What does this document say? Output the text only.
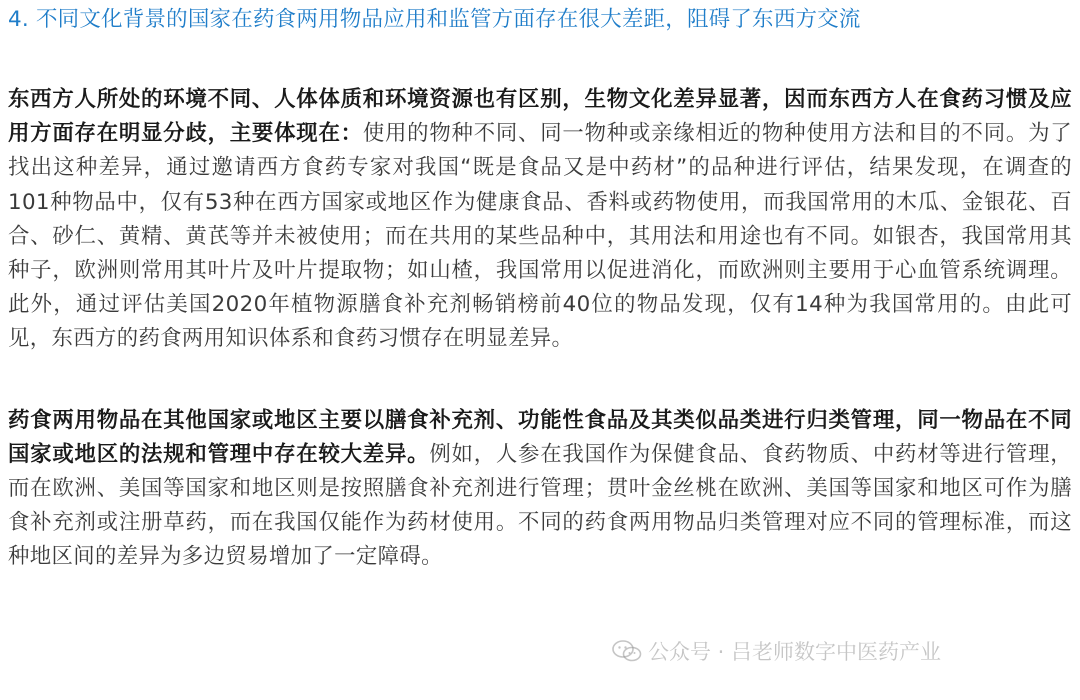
4. 不同文化背景的国家在药食两用物品应用和监管方面存在很大差距，阻碍了东西方交流

东西方人所处的环境不同、人体体质和环境资源也有区别，生物文化差异显著，因而东西方人在食药习惯及应用方面存在明显分歧，主要体现在：使用的物种不同、同一物种或亲缘相近的物种使用方法和目的不同。为了找出这种差异，通过邀请西方食药专家对我国“既是食品又是中药材”的品种进行评估，结果发现，在调查的101种物品中，仅有53种在西方国家或地区作为健康食品、香料或药物使用，而我国常用的木瓜、金银花、百合、砂仁、黄精、黄芪等并未被使用；而在共用的某些品种中，其用法和用途也有不同。如银杏，我国常用其种子，欧洲则常用其叶片及叶片提取物；如山楂，我国常用以促进消化，而欧洲则主要用于心血管系统调理。此外，通过评估美国2020年植物源膳食补充剂畅销榜前40位的物品发现，仅有14种为我国常用的。由此可见，东西方的药食两用知识体系和食药习惯存在明显差异。

药食两用物品在其他国家或地区主要以膳食补充剂、功能性食品及其类似品类进行归类管理，同一物品在不同国家或地区的法规和管理中存在较大差异。例如，人参在我国作为保健食品、食药物质、中药材等进行管理，而在欧洲、美国等国家和地区则是按照膳食补充剂进行管理；贯叶金丝桃在欧洲、美国等国家和地区可作为膳食补充剂或注册草药，而在我国仅能作为药材使用。不同的药食两用物品归类管理对应不同的管理标准，而这种地区间的差异为多边贸易增加了一定障碍。

公众号 · 吕老师数字中医药产业
